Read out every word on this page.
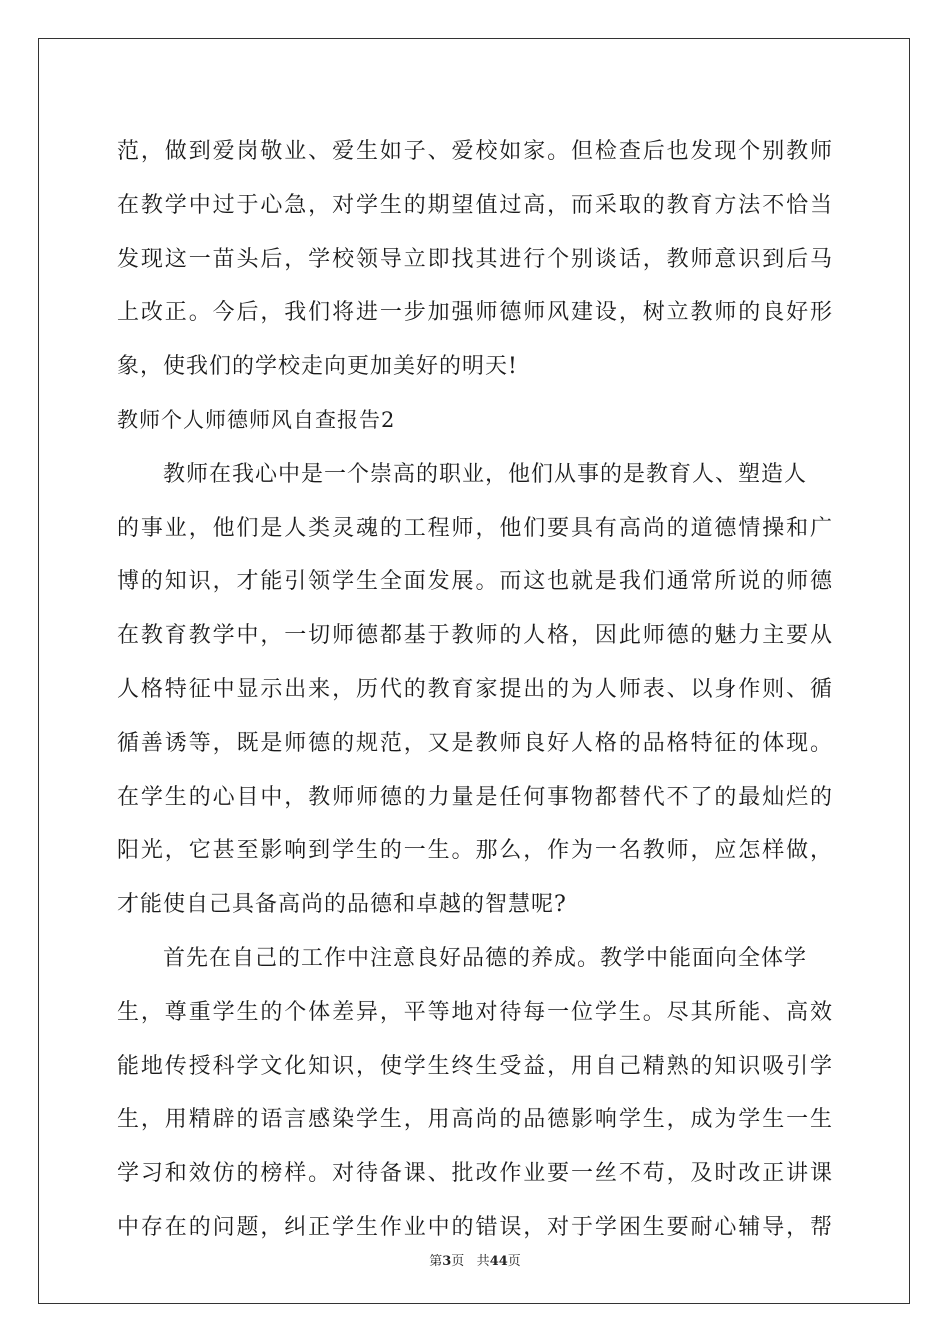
范，做到爱岗敬业、爱生如子、爱校如家。但检查后也发现个别教师
在教学中过于心急，对学生的期望值过高，而采取的教育方法不恰当
发现这一苗头后，学校领导立即找其进行个别谈话，教师意识到后马
上改正。今后，我们将进一步加强师德师风建设，树立教师的良好形
象，使我们的学校走向更加美好的明天!
教师个人师德师风自查报告2
教师在我心中是一个崇高的职业，他们从事的是教育人、塑造人
的事业，他们是人类灵魂的工程师，他们要具有高尚的道德情操和广
博的知识，才能引领学生全面发展。而这也就是我们通常所说的师德
在教育教学中，一切师德都基于教师的人格，因此师德的魅力主要从
人格特征中显示出来，历代的教育家提出的为人师表、以身作则、循
循善诱等，既是师德的规范，又是教师良好人格的品格特征的体现。
在学生的心目中，教师师德的力量是任何事物都替代不了的最灿烂的
阳光，它甚至影响到学生的一生。那么，作为一名教师，应怎样做，
才能使自己具备高尚的品德和卓越的智慧呢?
首先在自己的工作中注意良好品德的养成。教学中能面向全体学
生，尊重学生的个体差异，平等地对待每一位学生。尽其所能、高效
能地传授科学文化知识，使学生终生受益，用自己精熟的知识吸引学
生，用精辟的语言感染学生，用高尚的品德影响学生，成为学生一生
学习和效仿的榜样。对待备课、批改作业要一丝不苟，及时改正讲课
中存在的问题，纠正学生作业中的错误，对于学困生要耐心辅导，帮
第3页 共44页
